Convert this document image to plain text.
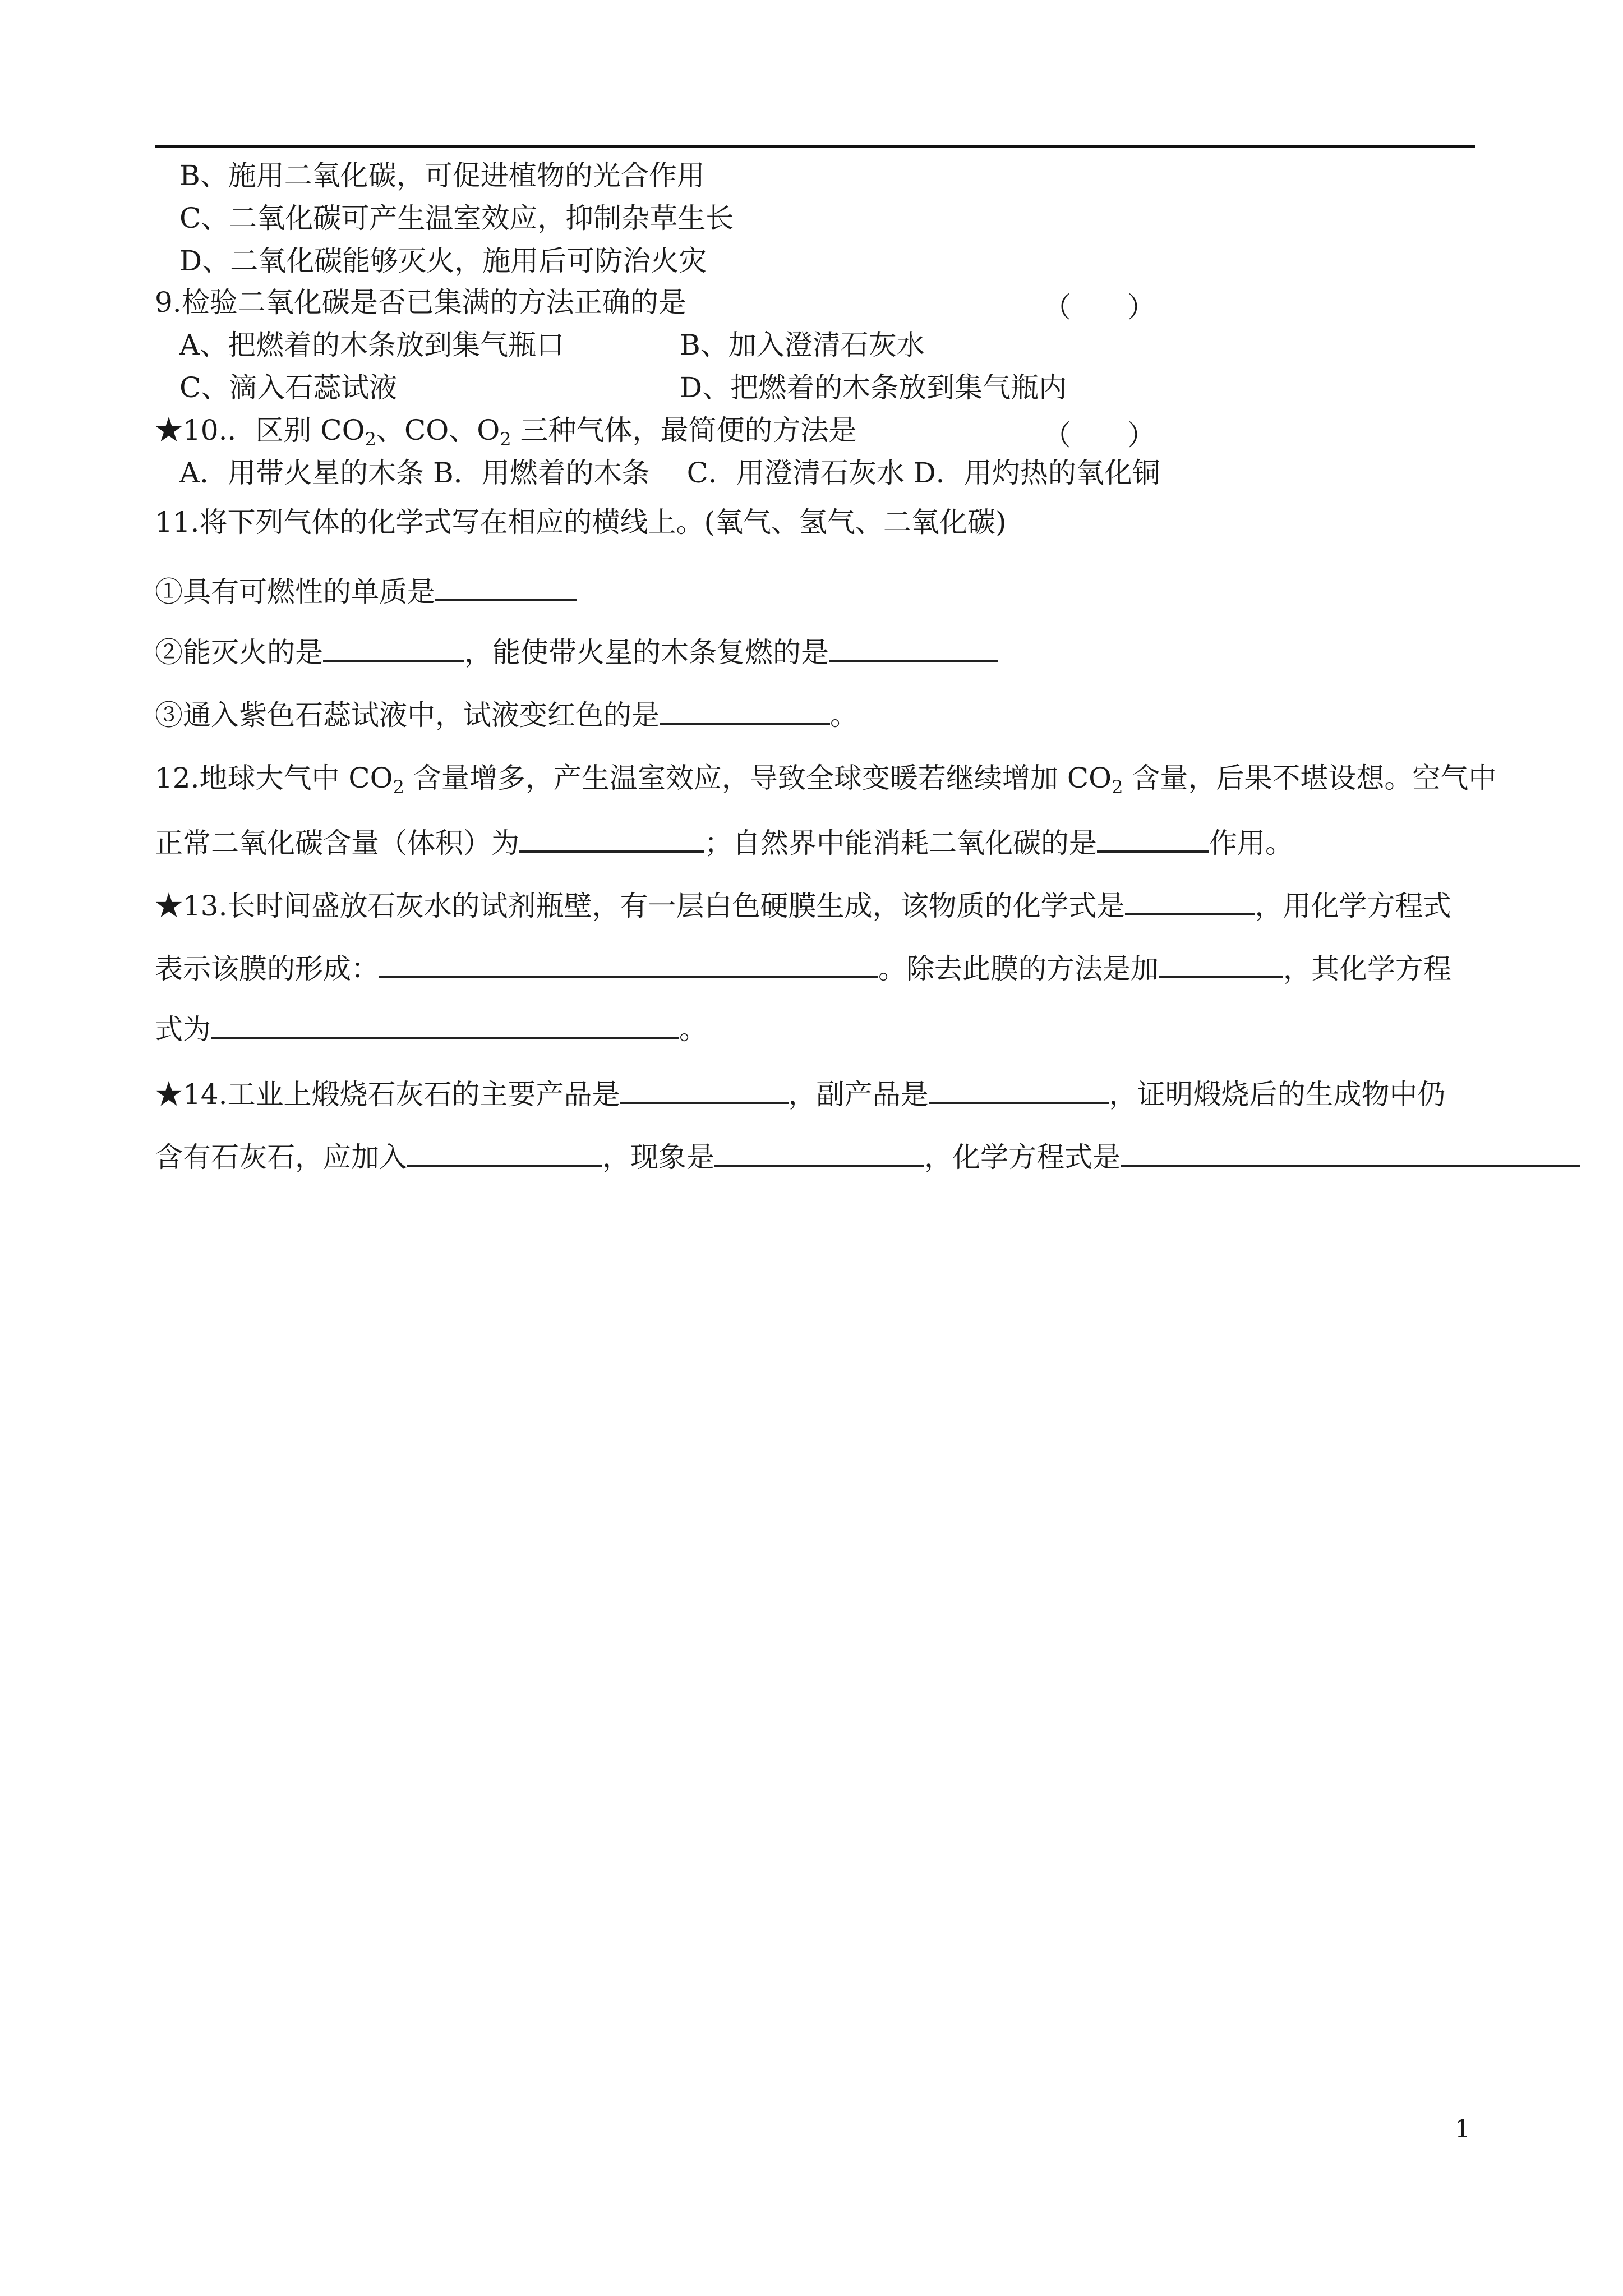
B、施用二氧化碳，可促进植物的光合作用
C、二氧化碳可产生温室效应，抑制杂草生长
D、二氧化碳能够灭火，施用后可防治火灾
9.检验二氧化碳是否已集满的方法正确的是	（　　）
A、把燃着的木条放到集气瓶口	B、加入澄清石灰水
C、滴入石蕊试液	D、把燃着的木条放到集气瓶内
★10.．区别 $CO_2$、CO、$O_2$ 三种气体，最简便的方法是	（　　）
A．用带火星的木条 B．用燃着的木条　 C．用澄清石灰水 D．用灼热的氧化铜
11.将下列气体的化学式写在相应的横线上。(氧气、氢气、二氧化碳)
①具有可燃性的单质是
②能灭火的是	，能使带火星的木条复燃的是
③通入紫色石蕊试液中，试液变红色的是	。
12.地球大气中 $CO_2$ 含量增多，产生温室效应，导致全球变暖若继续增加 $CO_2$ 含量，后果不堪设想。空气中
正常二氧化碳含量（体积）为	；自然界中能消耗二氧化碳的是	作用。
★13.长时间盛放石灰水的试剂瓶壁，有一层白色硬膜生成，该物质的化学式是	，用化学方程式
表示该膜的形成：	。除去此膜的方法是加	，其化学方程
式为	。
★14.工业上煅烧石灰石的主要产品是	，副产品是	，证明煅烧后的生成物中仍
含有石灰石，应加入	，现象是	，化学方程式是
1
